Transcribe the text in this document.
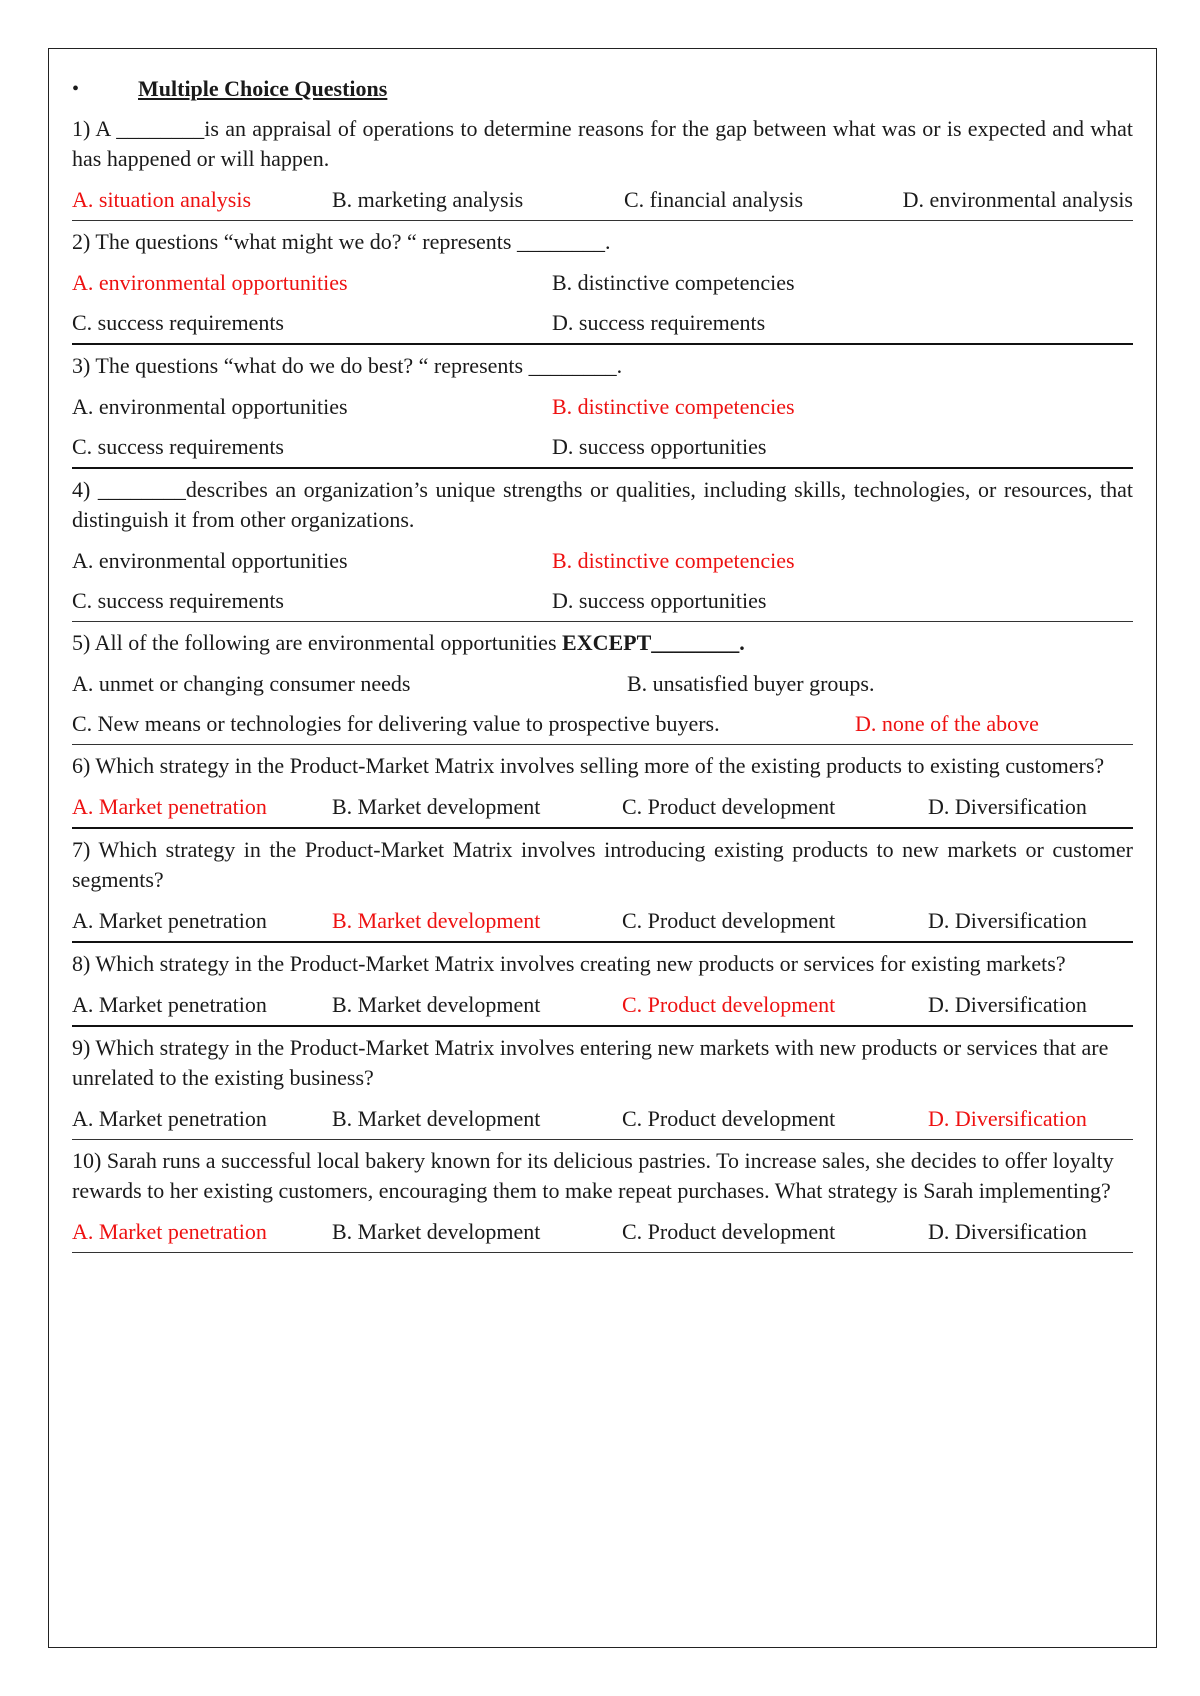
•	Multiple Choice Questions
1) A ________is an appraisal of operations to determine reasons for the gap between what was or is expected and what has happened or will happen.
A. situation analysis	B. marketing analysis	C. financial analysis	D. environmental analysis
2) The questions “what might we do? “ represents ________.
A. environmental opportunities	B. distinctive competencies
C. success requirements	D. success requirements
3) The questions “what do we do best? “ represents ________.
A. environmental opportunities	B. distinctive competencies
C. success requirements	D. success opportunities
4) ________describes an organization’s unique strengths or qualities, including skills, technologies, or resources, that distinguish it from other organizations.
A. environmental opportunities	B. distinctive competencies
C. success requirements	D. success opportunities
5) All of the following are environmental opportunities EXCEPT________.
A. unmet or changing consumer needs	B. unsatisfied buyer groups.
C. New means or technologies for delivering value to prospective buyers.	D. none of the above
6) Which strategy in the Product-Market Matrix involves selling more of the existing products to existing customers?
A. Market penetration	B. Market development	C. Product development	D. Diversification
7) Which strategy in the Product-Market Matrix involves introducing existing products to new markets or customer segments?
A. Market penetration	B. Market development	C. Product development	D. Diversification
8) Which strategy in the Product-Market Matrix involves creating new products or services for existing markets?
A. Market penetration	B. Market development	C. Product development	D. Diversification
9) Which strategy in the Product-Market Matrix involves entering new markets with new products or services that are unrelated to the existing business?
A. Market penetration	B. Market development	C. Product development	D. Diversification
10) Sarah runs a successful local bakery known for its delicious pastries. To increase sales, she decides to offer loyalty rewards to her existing customers, encouraging them to make repeat purchases. What strategy is Sarah implementing?
A. Market penetration	B. Market development	C. Product development	D. Diversification
